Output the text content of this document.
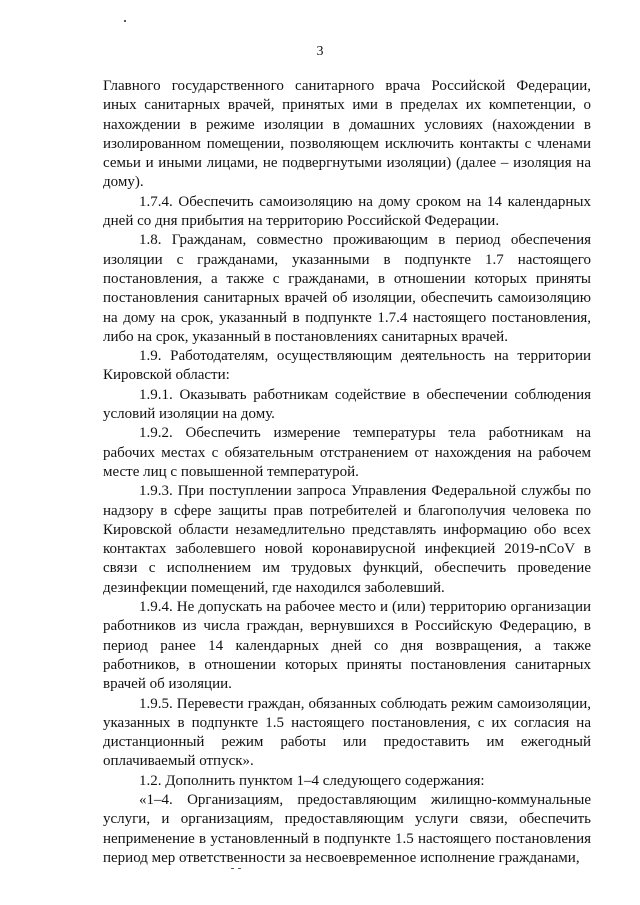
3

Главного государственного санитарного врача Российской Федерации, иных санитарных врачей, принятых ими в пределах их компетенции, о нахождении в режиме изоляции в домашних условиях (нахождении в изолированном помещении, позволяющем исключить контакты с членами семьи и иными лицами, не подвергнутыми изоляции) (далее – изоляция на дому).

1.7.4. Обеспечить самоизоляцию на дому сроком на 14 календарных дней со дня прибытия на территорию Российской Федерации.

1.8. Гражданам, совместно проживающим в период обеспечения изоляции с гражданами, указанными в подпункте 1.7 настоящего постановления, а также с гражданами, в отношении которых приняты постановления санитарных врачей об изоляции, обеспечить самоизоляцию на дому на срок, указанный в подпункте 1.7.4 настоящего постановления, либо на срок, указанный в постановлениях санитарных врачей.

1.9. Работодателям, осуществляющим деятельность на территории Кировской области:

1.9.1. Оказывать работникам содействие в обеспечении соблюдения условий изоляции на дому.

1.9.2. Обеспечить измерение температуры тела работникам на рабочих местах с обязательным отстранением от нахождения на рабочем месте лиц с повышенной температурой.

1.9.3. При поступлении запроса Управления Федеральной службы по надзору в сфере защиты прав потребителей и благополучия человека по Кировской области незамедлительно представлять информацию обо всех контактах заболевшего новой коронавирусной инфекцией 2019-nCoV в связи с исполнением им трудовых функций, обеспечить проведение дезинфекции помещений, где находился заболевший.

1.9.4. Не допускать на рабочее место и (или) территорию организации работников из числа граждан, вернувшихся в Российскую Федерацию, в период ранее 14 календарных дней со дня возвращения, а также работников, в отношении которых приняты постановления санитарных врачей об изоляции.

1.9.5. Перевести граждан, обязанных соблюдать режим самоизоляции, указанных в подпункте 1.5 настоящего постановления, с их согласия на дистанционный режим работы или предоставить им ежегодный оплачиваемый отпуск».

1.2. Дополнить пунктом 1–4 следующего содержания:

«1–4. Организациям, предоставляющим жилищно-коммунальные услуги, и организациям, предоставляющим услуги связи, обеспечить неприменение в установленный в подпункте 1.5 настоящего постановления период мер ответственности за несвоевременное исполнение гражданами,
